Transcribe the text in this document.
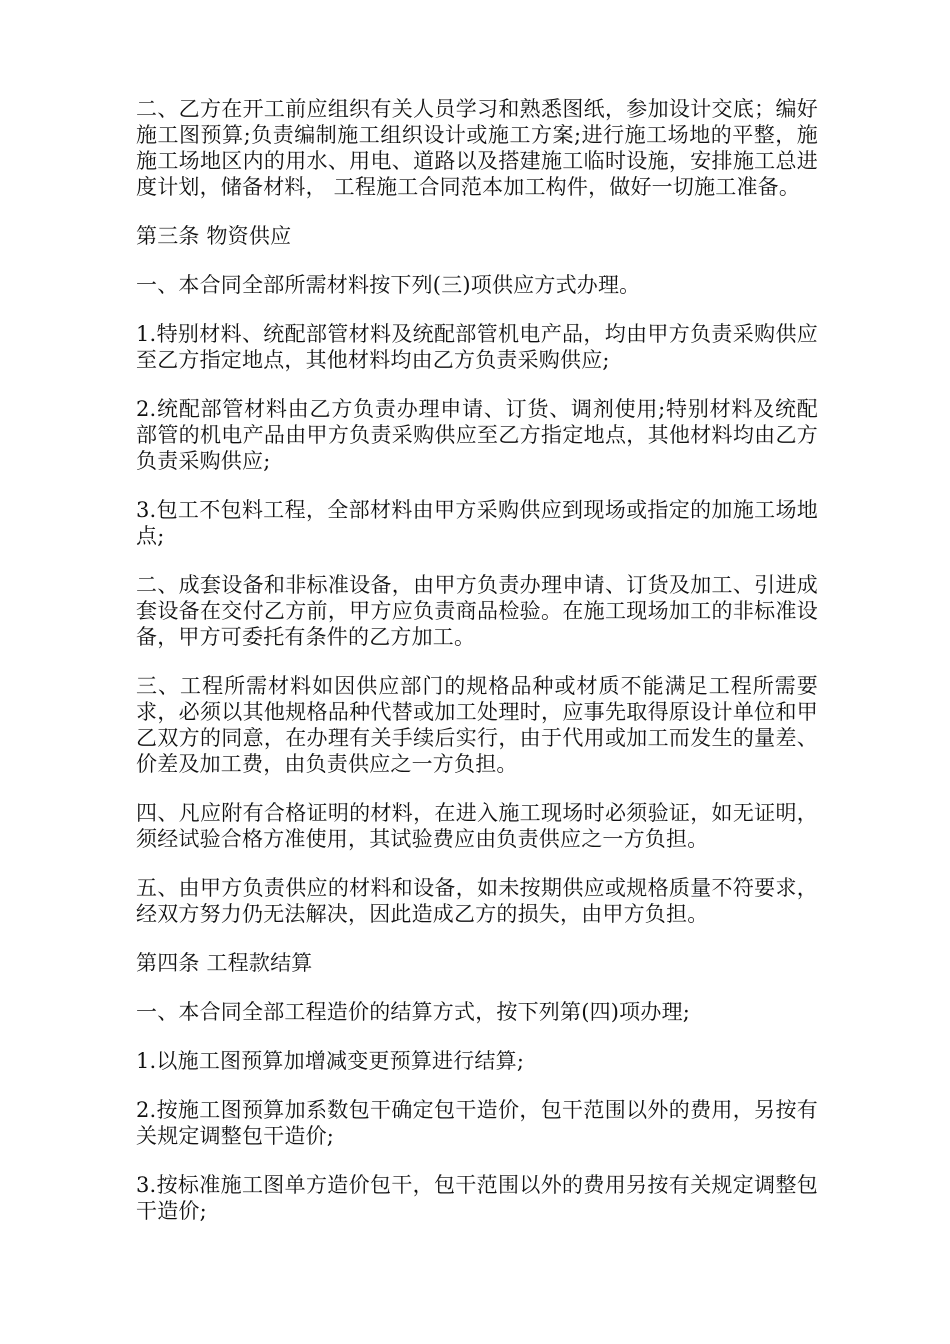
二、乙方在开工前应组织有关人员学习和熟悉图纸，参加设计交底；编好施工图预算;负责编制施工组织设计或施工方案;进行施工场地的平整，施施工场地区内的用水、用电、道路以及搭建施工临时设施，安排施工总进度计划，储备材料， 工程施工合同范本加工构件，做好一切施工准备。

第三条 物资供应

一、本合同全部所需材料按下列(三)项供应方式办理。

1.特别材料、统配部管材料及统配部管机电产品，均由甲方负责采购供应至乙方指定地点，其他材料均由乙方负责采购供应;

2.统配部管材料由乙方负责办理申请、订货、调剂使用;特别材料及统配部管的机电产品由甲方负责采购供应至乙方指定地点，其他材料均由乙方负责采购供应;

3.包工不包料工程，全部材料由甲方采购供应到现场或指定的加施工场地点;

二、成套设备和非标准设备，由甲方负责办理申请、订货及加工、引进成套设备在交付乙方前，甲方应负责商品检验。在施工现场加工的非标准设备，甲方可委托有条件的乙方加工。

三、工程所需材料如因供应部门的规格品种或材质不能满足工程所需要求，必须以其他规格品种代替或加工处理时，应事先取得原设计单位和甲乙双方的同意，在办理有关手续后实行，由于代用或加工而发生的量差、价差及加工费，由负责供应之一方负担。

四、凡应附有合格证明的材料，在进入施工现场时必须验证，如无证明，须经试验合格方准使用，其试验费应由负责供应之一方负担。

五、由甲方负责供应的材料和设备，如未按期供应或规格质量不符要求，经双方努力仍无法解决，因此造成乙方的损失，由甲方负担。

第四条 工程款结算

一、本合同全部工程造价的结算方式，按下列第(四)项办理;

1.以施工图预算加增减变更预算进行结算;

2.按施工图预算加系数包干确定包干造价，包干范围以外的费用，另按有关规定调整包干造价;

3.按标准施工图单方造价包干，包干范围以外的费用另按有关规定调整包干造价;
